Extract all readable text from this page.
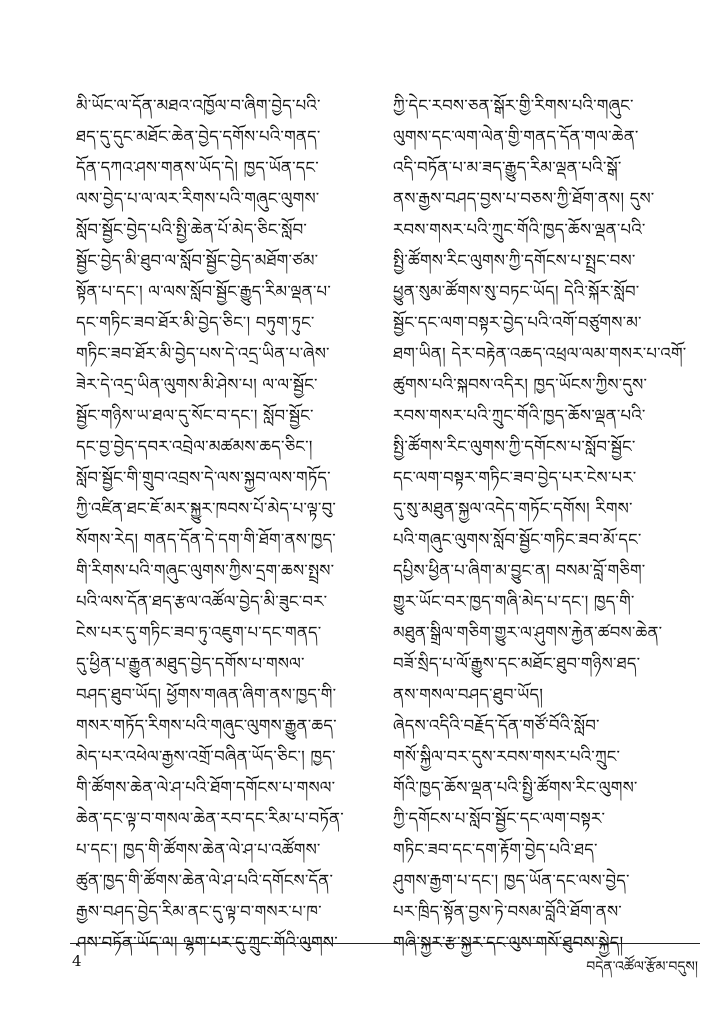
མི་ཡོང་ལ་དོན་མཐའ་འཁྱོལ་བ་ཞིག་བྱེད་པའི་
ཐད་དུ་དུང་མཐོང་ཆེན་བྱེད་དགོས་པའི་གནད་
དོན་དཀའ་ཤས་གནས་ཡོད་དེ། ཁྱད་ཡོན་དང་
ལས་བྱེད་པ་ལ་ལར་རིགས་པའི་གཞུང་ལུགས་
སློབ་སྦྱོང་བྱེད་པའི་སྤྱི་ཆེན་པོ་མེད་ཅིང་སློབ་
སྦྱོང་བྱེད་མི་ཐུབ་ལ་སློབ་སྦྱོང་བྱེད་མཐོག་ཙམ་
སྟོན་པ་དང་། ལ་ལས་སློབ་སྦྱོང་རྒྱུད་རིམ་ལྡན་པ་
དང་གཏིང་ཟབ་ཐོར་མི་བྱེད་ཅིང་། བཏུག་ཏུང་
གཏིང་ཟབ་ཐོར་མི་བྱེད་པས་དེ་འདྲ་ཡིན་པ་ཞེས་
ཟེར་དེ་འདྲ་ཡིན་ལུགས་མི་ཤེས་པ། ལ་ལ་སྦྱོང་
སྦྱོང་གཉིས་ཡ་ཐལ་དུ་སོང་བ་དང་། སློབ་སྦྱོང་
དང་བྱ་བྱེད་དབར་འབྲེལ་མཚམས་ཆད་ཅིང་།
སློབ་སྦྱོང་གི་གྲུབ་འབྲས་དེ་ལས་སྐྱབ་ལས་གཏོད་
ཀྱི་འཛིན་ཐང་ཇོ་མར་སྐྱུར་ཁབས་པོ་མེད་པ་ལྟ་བུ་
སོགས་རེད། གནད་དོན་དེ་དག་གི་ཐོག་ནས་ཁྱད་
གི་རིགས་པའི་གཞུང་ལུགས་ཀྱིས་དྲག་ཆས་སྤྲས་
པའི་ལས་དོན་ཐད་རྩལ་འཚོལ་བྱེད་མི་ཟུང་བར་
ངེས་པར་དུ་གཏིང་ཟབ་ཏུ་འཇུག་པ་དང་གནད་
དུ་ཕྱིན་པ་རྒྱུན་མཐུད་བྱེད་དགོས་པ་གསལ་
བཤད་ཐུབ་ཡོད། ཕྱོགས་གཞན་ཞིག་ནས་ཁྱད་གི་
གསར་གཏོད་རིགས་པའི་གཞུང་ལུགས་རྒྱུན་ཆད་
མེད་པར་འཕེལ་རྒྱས་འགྲོ་བཞིན་ཡོད་ཅིང་། ཁྱད་
གི་ཚོགས་ཆེན་ལེ་ཤ་པའི་ཐོག་དགོངས་པ་གསལ་
ཆེན་དང་ལྟ་བ་གསལ་ཆེན་རབ་དང་རིམ་པ་བཏོན་
པ་དང་། ཁྱད་གི་ཚོགས་ཆེན་ལེ་ཤ་པ་འཚོགས་
ཚུན་ཁྱད་གི་ཚོགས་ཆེན་ལེ་ཤ་པའི་དགོངས་དོན་
རྒྱས་བཤད་བྱེད་རིམ་ནང་དུ་ལྟ་བ་གསར་པ་ཁ་
ཤས་བཏོན་ཡོད་ལ། ལྷག་པར་དུ་ཀྲུང་གོའི་ལུགས་
ཀྱི་དེང་རབས་ཅན་སྒོར་གྱི་རིགས་པའི་གཞུང་
ལུགས་དང་ལག་ལེན་གྱི་གནད་དོན་གལ་ཆེན་
འདི་བཏོན་པ་མ་ཟད་རྒྱུད་རིམ་ལྡན་པའི་སྒོ་
ནས་རྒྱས་བཤད་བྱས་པ་བཅས་ཀྱི་ཐོག་ནས། དུས་
རབས་གསར་པའི་ཀྲུང་གོའི་ཁྱད་ཆོས་ལྡན་པའི་
སྤྱི་ཚོགས་རིང་ལུགས་ཀྱི་དགོངས་པ་སྤྲང་བས་
ཕྱུན་སུམ་ཚོགས་སུ་བཏང་ཡོད། དེའི་སྐོར་སློབ་
སྦྱོང་དང་ལག་བསྟར་བྱེད་པའི་འགོ་བཙུགས་མ་
ཐག་ཡིན། དེར་བརྟེན་འཆད་འཕྲལ་ལམ་གསར་པ་འགོ་
ཚུགས་པའི་སྐབས་འདིར། ཁྱད་ཡོངས་ཀྱིས་དུས་
རབས་གསར་པའི་ཀྲུང་གོའི་ཁྱད་ཆོས་ལྡན་པའི་
སྤྱི་ཚོགས་རིང་ལུགས་ཀྱི་དགོངས་པ་སློབ་སྦྱོང་
དང་ལག་བསྟར་གཏིང་ཟབ་བྱེད་པར་ངེས་པར་
དུ་སུ་མཐུན་སྐྱལ་འདེད་གཏོང་དགོས། རིགས་
པའི་གཞུང་ལུགས་སློབ་སྦྱོང་གཏིང་ཟབ་མོ་དང་
དཔྱིས་ཕྱིན་པ་ཞིག་མ་བྱུང་ན། བསམ་བློ་གཅིག་
གྱུར་ཡོང་བར་ཁྱད་གཞི་མེད་པ་དང་། ཁྱད་གི་
མཐུན་སྒྲིལ་གཅིག་གྱུར་ལ་ཤུགས་རྐྱེན་ཚབས་ཆེན་
བཟོ་སྲིད་པ་ལོ་རྒྱུས་དང་མཐོང་ཐུབ་གཉིས་ཐད་
ནས་གསལ་བཤད་ཐུབ་ཡོད།
ཞེདས་འདིའི་བརྗོད་དོན་གཙོ་བོའི་སློབ་
གསོ་སྐྱིལ་བར་དུས་རབས་གསར་པའི་ཀྲུང་
གོའི་ཁྱད་ཆོས་ལྡན་པའི་སྤྱི་ཚོགས་རིང་ལུགས་
ཀྱི་དགོངས་པ་སློབ་སྦྱོང་དང་ལག་བསྟར་
གཏིང་ཟབ་དང་དག་རྟོག་བྱེད་པའི་ཐད་
ཤུགས་རྒྱག་པ་དང་། ཁྱད་ཡོན་དང་ལས་བྱེད་
པར་ཁྲིད་སྟོན་བྱས་ཏེ་བསམ་བློའི་ཐོག་ནས་
གཞི་སྐྱར་རྩ་སྐྱར་དང་ལུས་གསོ་ཐུབས་སྐྱེད།
4	བདེན་འཚོལ་རྩོམ་བདུས།
